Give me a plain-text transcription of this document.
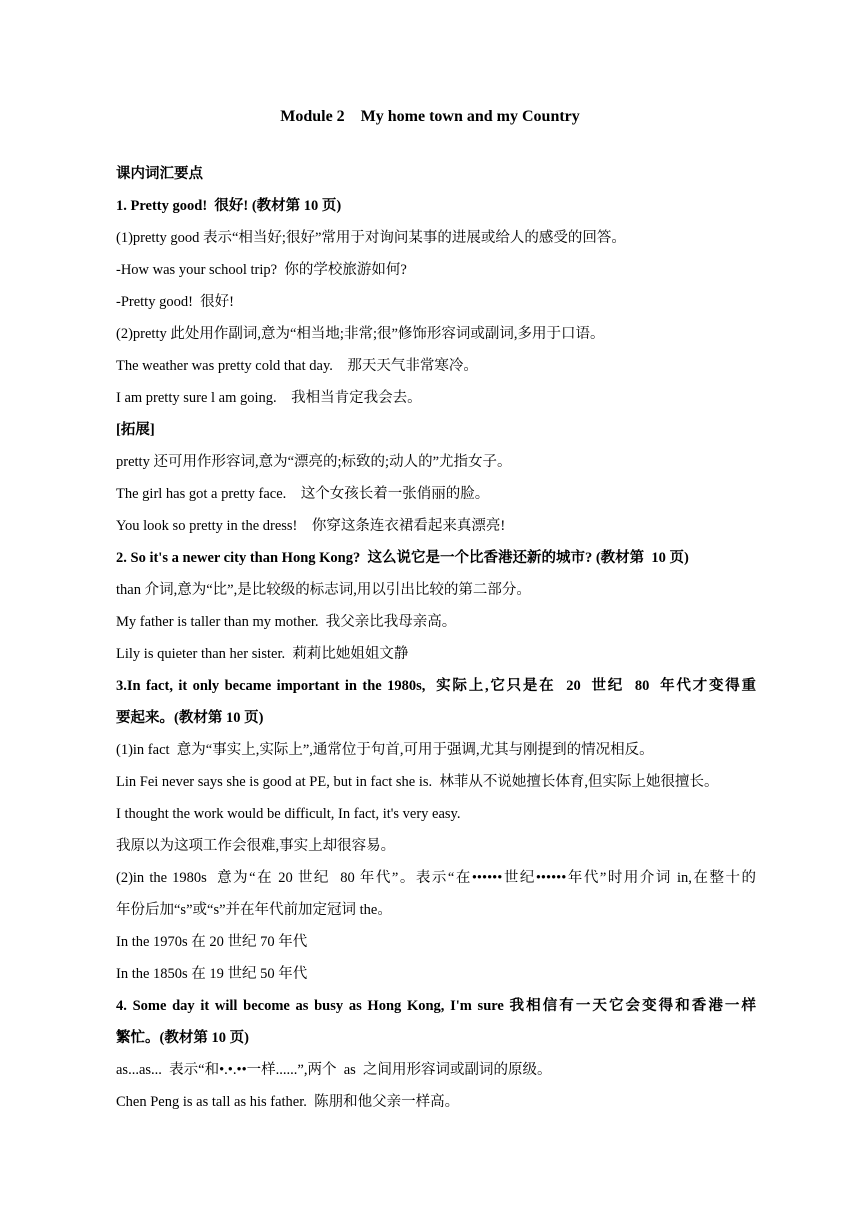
Module 2    My home town and my Country
课内词汇要点
1. Pretty good!  很好! (教材第 10 页)
(1)pretty good 表示“相当好;很好”常用于对询问某事的进展或给人的感受的回答。
-How was your school trip?  你的学校旅游如何?
-Pretty good!  很好!
(2)pretty 此处用作副词,意为“相当地;非常;很”修饰形容词或副词,多用于口语。
The weather was pretty cold that day.    那天天气非常寒冷。
I am pretty sure l am going.    我相当肯定我会去。
[拓展]
pretty 还可用作形容词,意为“漂亮的;标致的;动人的”尤指女子。
The girl has got a pretty face.    这个女孩长着一张俏丽的脸。
You look so pretty in the dress!    你穿这条连衣裙看起来真漂亮!
2. So it's a newer city than Hong Kong?  这么说它是一个比香港还新的城市? (教材第  10 页)
than 介词,意为“比”,是比较级的标志词,用以引出比较的第二部分。
My father is taller than my mother.  我父亲比我母亲高。
Lily is quieter than her sister.  莉莉比她姐姐文静
3.In fact, it only became important in the 1980s,  实际上,它只是在  20  世纪  80  年代才变得重
要起来。(教材第 10 页)
(1)in fact  意为“事实上,实际上”,通常位于句首,可用于强调,尤其与刚提到的情况相反。
Lin Fei never says she is good at PE, but in fact she is.  林菲从不说她擅长体育,但实际上她很擅长。
I thought the work would be difficult, In fact, it's very easy.
我原以为这项工作会很难,事实上却很容易。
(2)in the 1980s  意为“在 20 世纪  80 年代”。表示“在••••••世纪••••••年代”时用介词 in,在整十的
年份后加“s”或“s”并在年代前加定冠词 the。
In the 1970s 在 20 世纪 70 年代
In the 1850s 在 19 世纪 50 年代
4. Some day it will become as busy as Hong Kong, I'm sure 我相信有一天它会变得和香港一样
繁忙。(教材第 10 页)
as...as...  表示“和•.•.••一样......”,两个  as  之间用形容词或副词的原级。
Chen Peng is as tall as his father.  陈朋和他父亲一样高。
